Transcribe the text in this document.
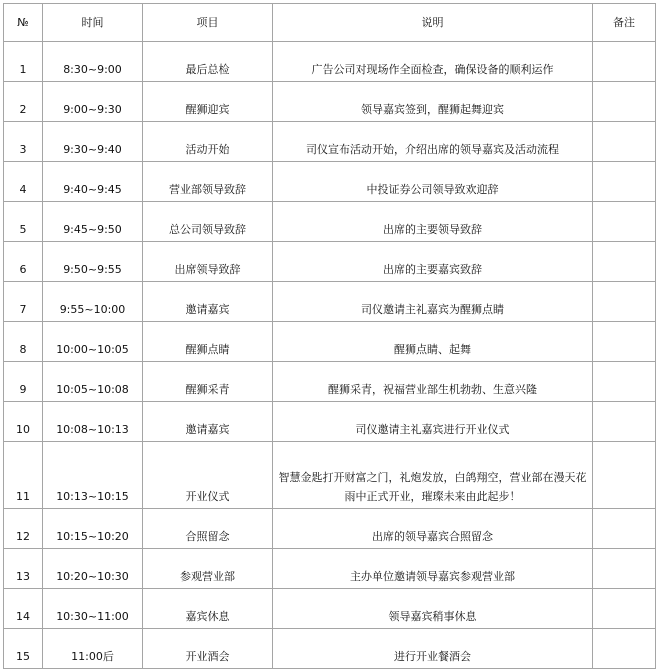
№	时间	项目	说明	备注
1	8:30~9:00	最后总检	广告公司对现场作全面检查，确保设备的顺利运作	
2	9:00~9:30	醒狮迎宾	领导嘉宾签到，醒狮起舞迎宾	
3	9:30~9:40	活动开始	司仪宣布活动开始，介绍出席的领导嘉宾及活动流程	
4	9:40~9:45	营业部领导致辞	中投证券公司领导致欢迎辞	
5	9:45~9:50	总公司领导致辞	出席的主要领导致辞	
6	9:50~9:55	出席领导致辞	出席的主要嘉宾致辞	
7	9:55~10:00	邀请嘉宾	司仪邀请主礼嘉宾为醒狮点睛	
8	10:00~10:05	醒狮点睛	醒狮点睛、起舞	
9	10:05~10:08	醒狮采青	醒狮采青，祝福营业部生机勃勃、生意兴隆	
10	10:08~10:13	邀请嘉宾	司仪邀请主礼嘉宾进行开业仪式	
11	10:13~10:15	开业仪式	智慧金匙打开财富之门，礼炮发放，白鸽翔空，营业部在漫天花雨中正式开业，璀璨未来由此起步！	
12	10:15~10:20	合照留念	出席的领导嘉宾合照留念	
13	10:20~10:30	参观营业部	主办单位邀请领导嘉宾参观营业部	
14	10:30~11:00	嘉宾休息	领导嘉宾稍事休息	
15	11:00后	开业酒会	进行开业餐酒会	
